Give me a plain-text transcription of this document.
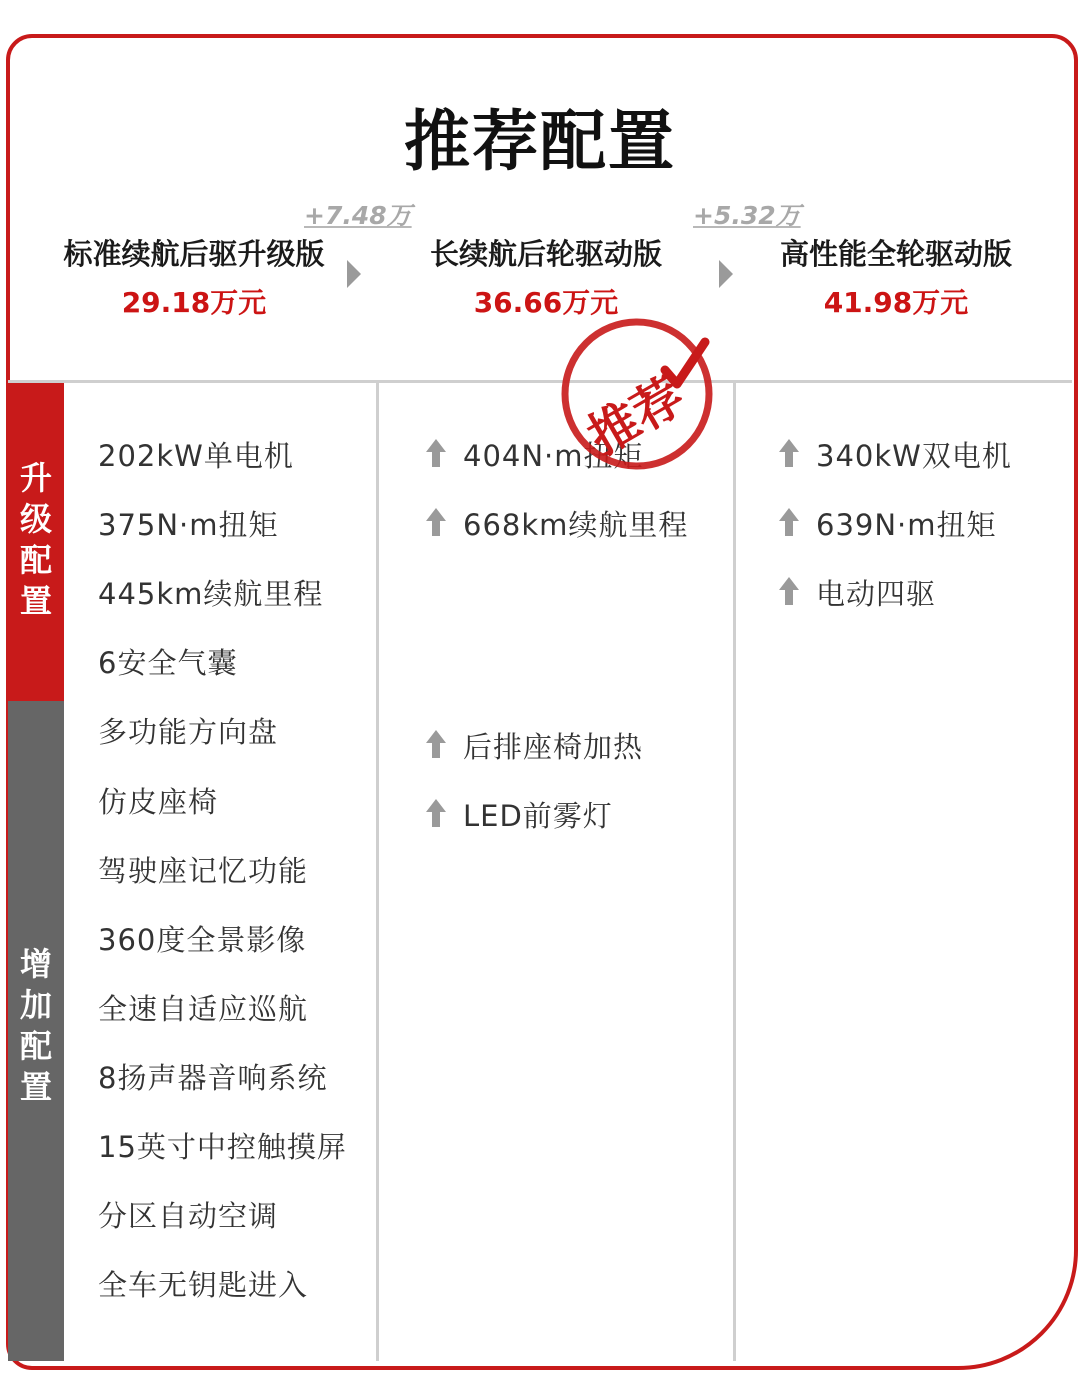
推荐配置
标准续航后驱升级版
29.18万元
长续航后轮驱动版
36.66万元
高性能全轮驱动版
41.98万元
+7.48万	+5.32万
升
级
配
置
增
加
配
置
202kW单电机
375N·m扭矩
445km续航里程
6安全气囊
多功能方向盘
仿皮座椅
驾驶座记忆功能
360度全景影像
全速自适应巡航
8扬声器音响系统
15英寸中控触摸屏
分区自动空调
全车无钥匙进入
404N·m扭矩
668km续航里程
后排座椅加热
LED前雾灯
340kW双电机
639N·m扭矩
电动四驱
推荐
